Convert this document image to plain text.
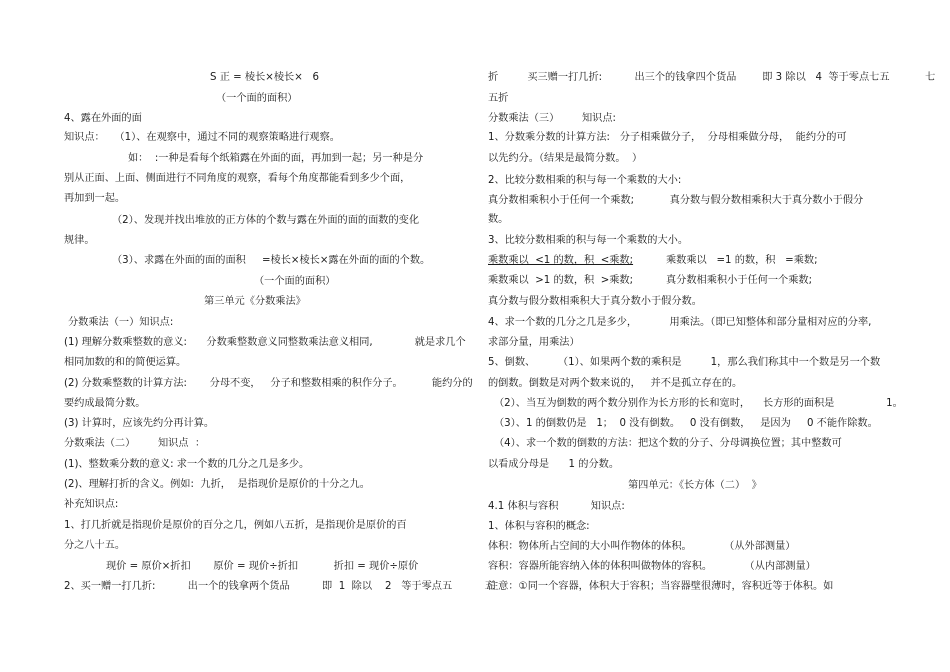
S 正 = 棱长×棱长×   6
（一个面的面积）
4、露在外面的面
知识点：   （1）、在观察中，通过不同的观察策略进行观察。
如：  :一种是看每个纸箱露在外面的面，再加到一起；另一种是分
别从正面、上面、侧面进行不同角度的观察，看每个角度都能看到多少个面，
再加到一起。
（2）、发现并找出堆放的正方体的个数与露在外面的面的面数的变化
规律。
（3）、求露在外面的面的面积     =棱长×棱长×露在外面的面的个数。
（一个面的面积）
第三单元《分数乘法》
分数乘法（一）知识点:
(1) 理解分数乘整数的意义:      分数乘整数意义同整数乘法意义相同,             就是求几个
相同加数的和的简便运算。
(2) 分数乘整数的计算方法:       分母不变，   分子和整数相乘的积作分子。         能约分的
要约成最简分数。
(3) 计算时，应该先约分再计算。
分数乘法（二）       知识点  ：
(1)、整数乘分数的意义: 求一个数的几分之几是多少。
(2)、理解打折的含义。例如:  九折，  是指现价是原价的十分之九。
补充知识点:
1、打几折就是指现价是原价的百分之几，例如八五折，是指现价是原价的百
分之八十五。
现价 = 原价×折扣       原价 = 现价÷折扣           折扣 = 现价÷原价
2、买一赠一打几折:          出一个的钱拿两个货品          即  1  除以    2   等于零点五          五
折         买三赠一打几折:          出三个的钱拿四个货品        即 3 除以   4  等于零点七五           七
五折
分数乘法（三）       知识点:
1、分数乘分数的计算方法:   分子相乘做分子，  分母相乘做分母，  能约分的可
以先约分。（结果是最简分数。  ）
2、比较分数相乘的积与每一个乘数的大小:
真分数相乘积小于任何一个乘数;           真分数与假分数相乘积大于真分数小于假分
数。
3、比较分数相乘的积与每一个乘数的大小。
乘数乘以  <1 的数，积  <乘数;	乘数乘以   =1 的数，积   =乘数;
乘数乘以  >1 的数，积  >乘数;	真分数相乘积小于任何一个乘数;
真分数与假分数相乘积大于真分数小于假分数。
4、求一个数的几分之几是多少，          用乘法。（即已知整体和部分量相对应的分率,
求部分量，用乘法）
5、倒数、       （1）、如果两个数的乘积是         1，那么我们称其中一个数是另一个数
的倒数。倒数是对两个数来说的，   并不是孤立存在的。
（2）、当互为倒数的两个数分别作为长方形的长和宽时，    长方形的面积是                1。
（3）、1 的倒数仍是   1；  0 没有倒数。   0 没有倒数，   是因为     0 不能作除数。
（4）、求一个数的倒数的方法：把这个数的分子、分母调换位置；其中整数可
以看成分母是      1 的分数。
第四单元：《长方体（二）  》
4.1 体积与容积          知识点:
1、体积与容积的概念:
体积：物体所占空间的大小叫作物体的体积。          （从外部测量）
容积：容器所能容纳入体的体积叫做物体的容积。          （从内部测量）
注意：①同一个容器，体积大于容积；当容器壁很薄时，容积近等于体积。如
